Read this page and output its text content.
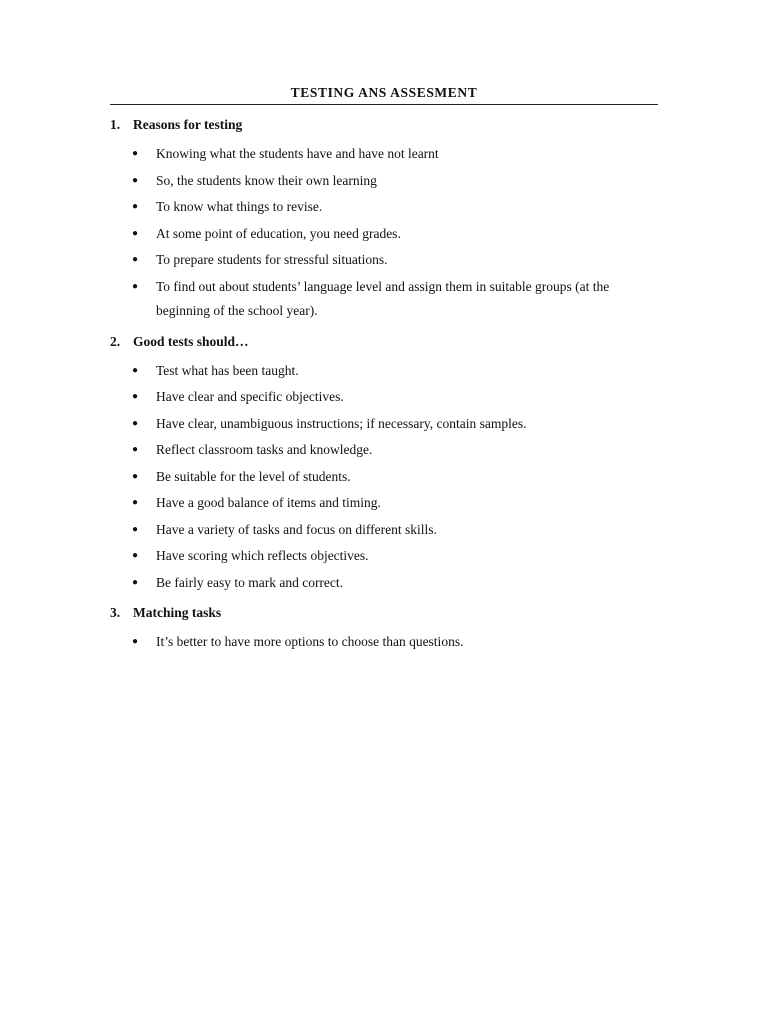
TESTING ANS ASSESMENT
1. Reasons for testing
●	Knowing what the students have and have not learnt
●	So, the students know their own learning
●	To know what things to revise.
●	At some point of education, you need grades.
●	To prepare students for stressful situations.
●	To find out about students’ language level and assign them in suitable groups (at the beginning of the school year).
2. Good tests should…
●	Test what has been taught.
●	Have clear and specific objectives.
●	Have clear, unambiguous instructions; if necessary, contain samples.
●	Reflect classroom tasks and knowledge.
●	Be suitable for the level of students.
●	Have a good balance of items and timing.
●	Have a variety of tasks and focus on different skills.
●	Have scoring which reflects objectives.
●	Be fairly easy to mark and correct.
3. Matching tasks
●	It’s better to have more options to choose than questions.
